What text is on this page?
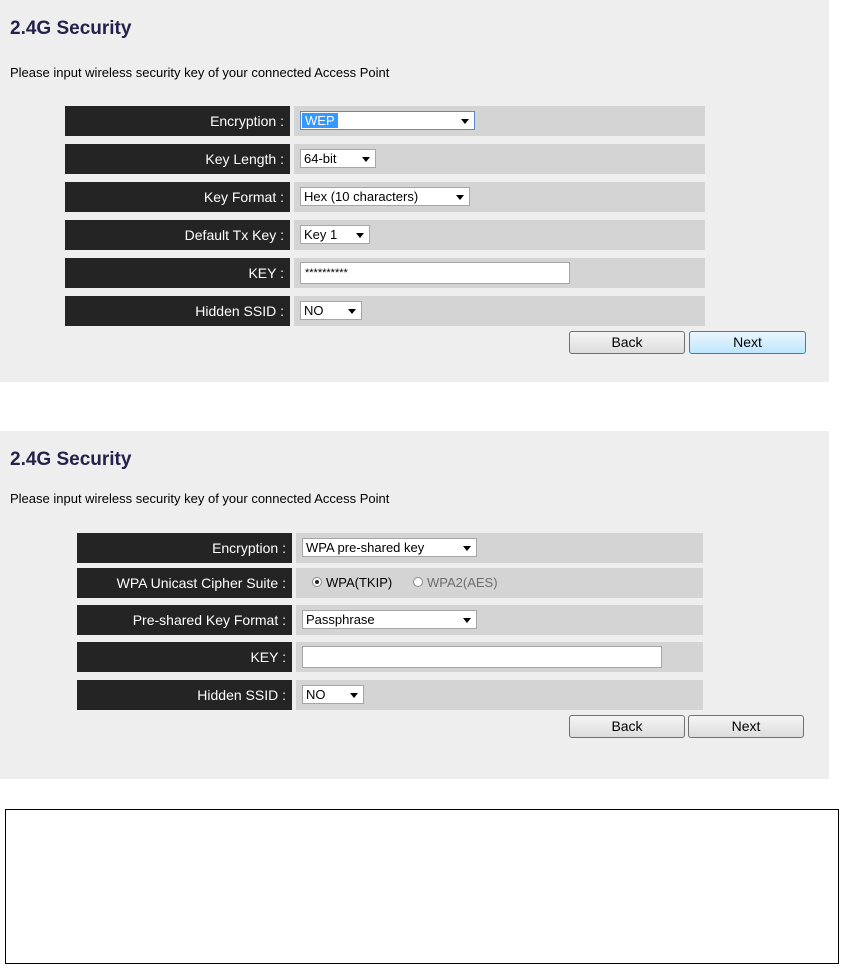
2.4G Security
Please input wireless security key of your connected Access Point
Encryption :	WEP
Key Length :	64-bit
Key Format :	Hex (10 characters)
Default Tx Key :	Key 1
KEY :	**********
Hidden SSID :	NO
Back	Next
2.4G Security
Please input wireless security key of your connected Access Point
Encryption :	WPA pre-shared key
WPA Unicast Cipher Suite :	WPA(TKIP)	WPA2(AES)
Pre-shared Key Format :	Passphrase
KEY :
Hidden SSID :	NO
Back	Next
